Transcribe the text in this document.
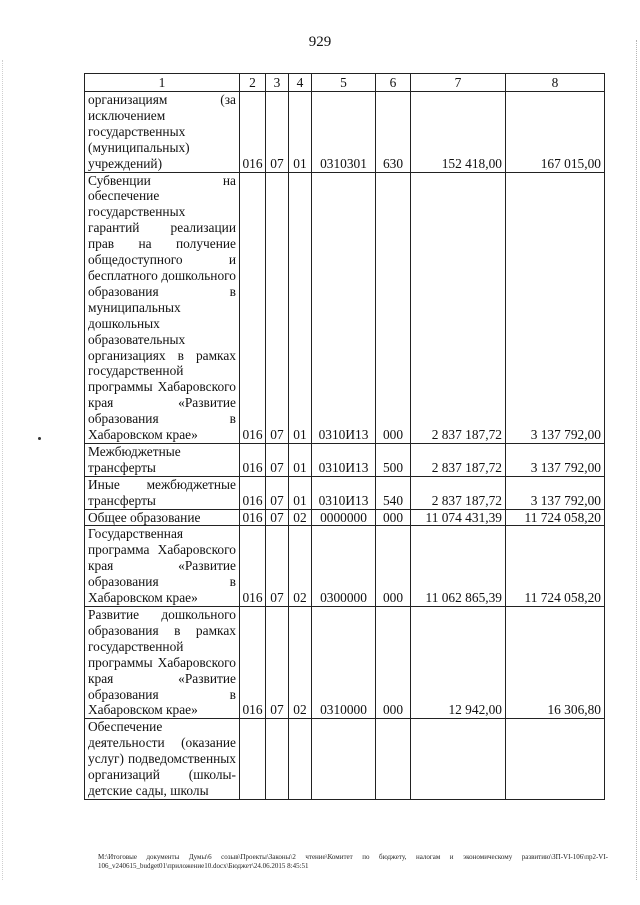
929
1	2	3	4	5	6	7	8
организациям (за исключением государственных (муниципальных) учреждений)	016	07	01	0310301	630	152 418,00	167 015,00
Субвенции на обеспечение государственных гарантий реализации прав на получение общедоступного и бесплатного дошкольного образования в муниципальных дошкольных образовательных организациях в рамках государственной программы Хабаровского края «Развитие образования в Хабаровском крае»	016	07	01	0310И13	000	2 837 187,72	3 137 792,00
Межбюджетные трансферты	016	07	01	0310И13	500	2 837 187,72	3 137 792,00
Иные межбюджетные трансферты	016	07	01	0310И13	540	2 837 187,72	3 137 792,00
Общее образование	016	07	02	0000000	000	11 074 431,39	11 724 058,20
Государственная программа Хабаровского края «Развитие образования в Хабаровском крае»	016	07	02	0300000	000	11 062 865,39	11 724 058,20
Развитие дошкольного образования в рамках государственной программы Хабаровского края «Развитие образования в Хабаровском крае»	016	07	02	0310000	000	12 942,00	16 306,80
Обеспечение деятельности (оказание услуг) подведомственных организаций (школы-детские сады, школы							
M:\Итоговые документы Думы\6 созыв\Проекты\Законы\2 чтение\Комитет по бюджету, налогам и экономическому развитию\ЗП-VI-106\пр2-VI-106_v240615_budget01\приложение10.docx\Бюджет\24.06.2015 8:45:51
